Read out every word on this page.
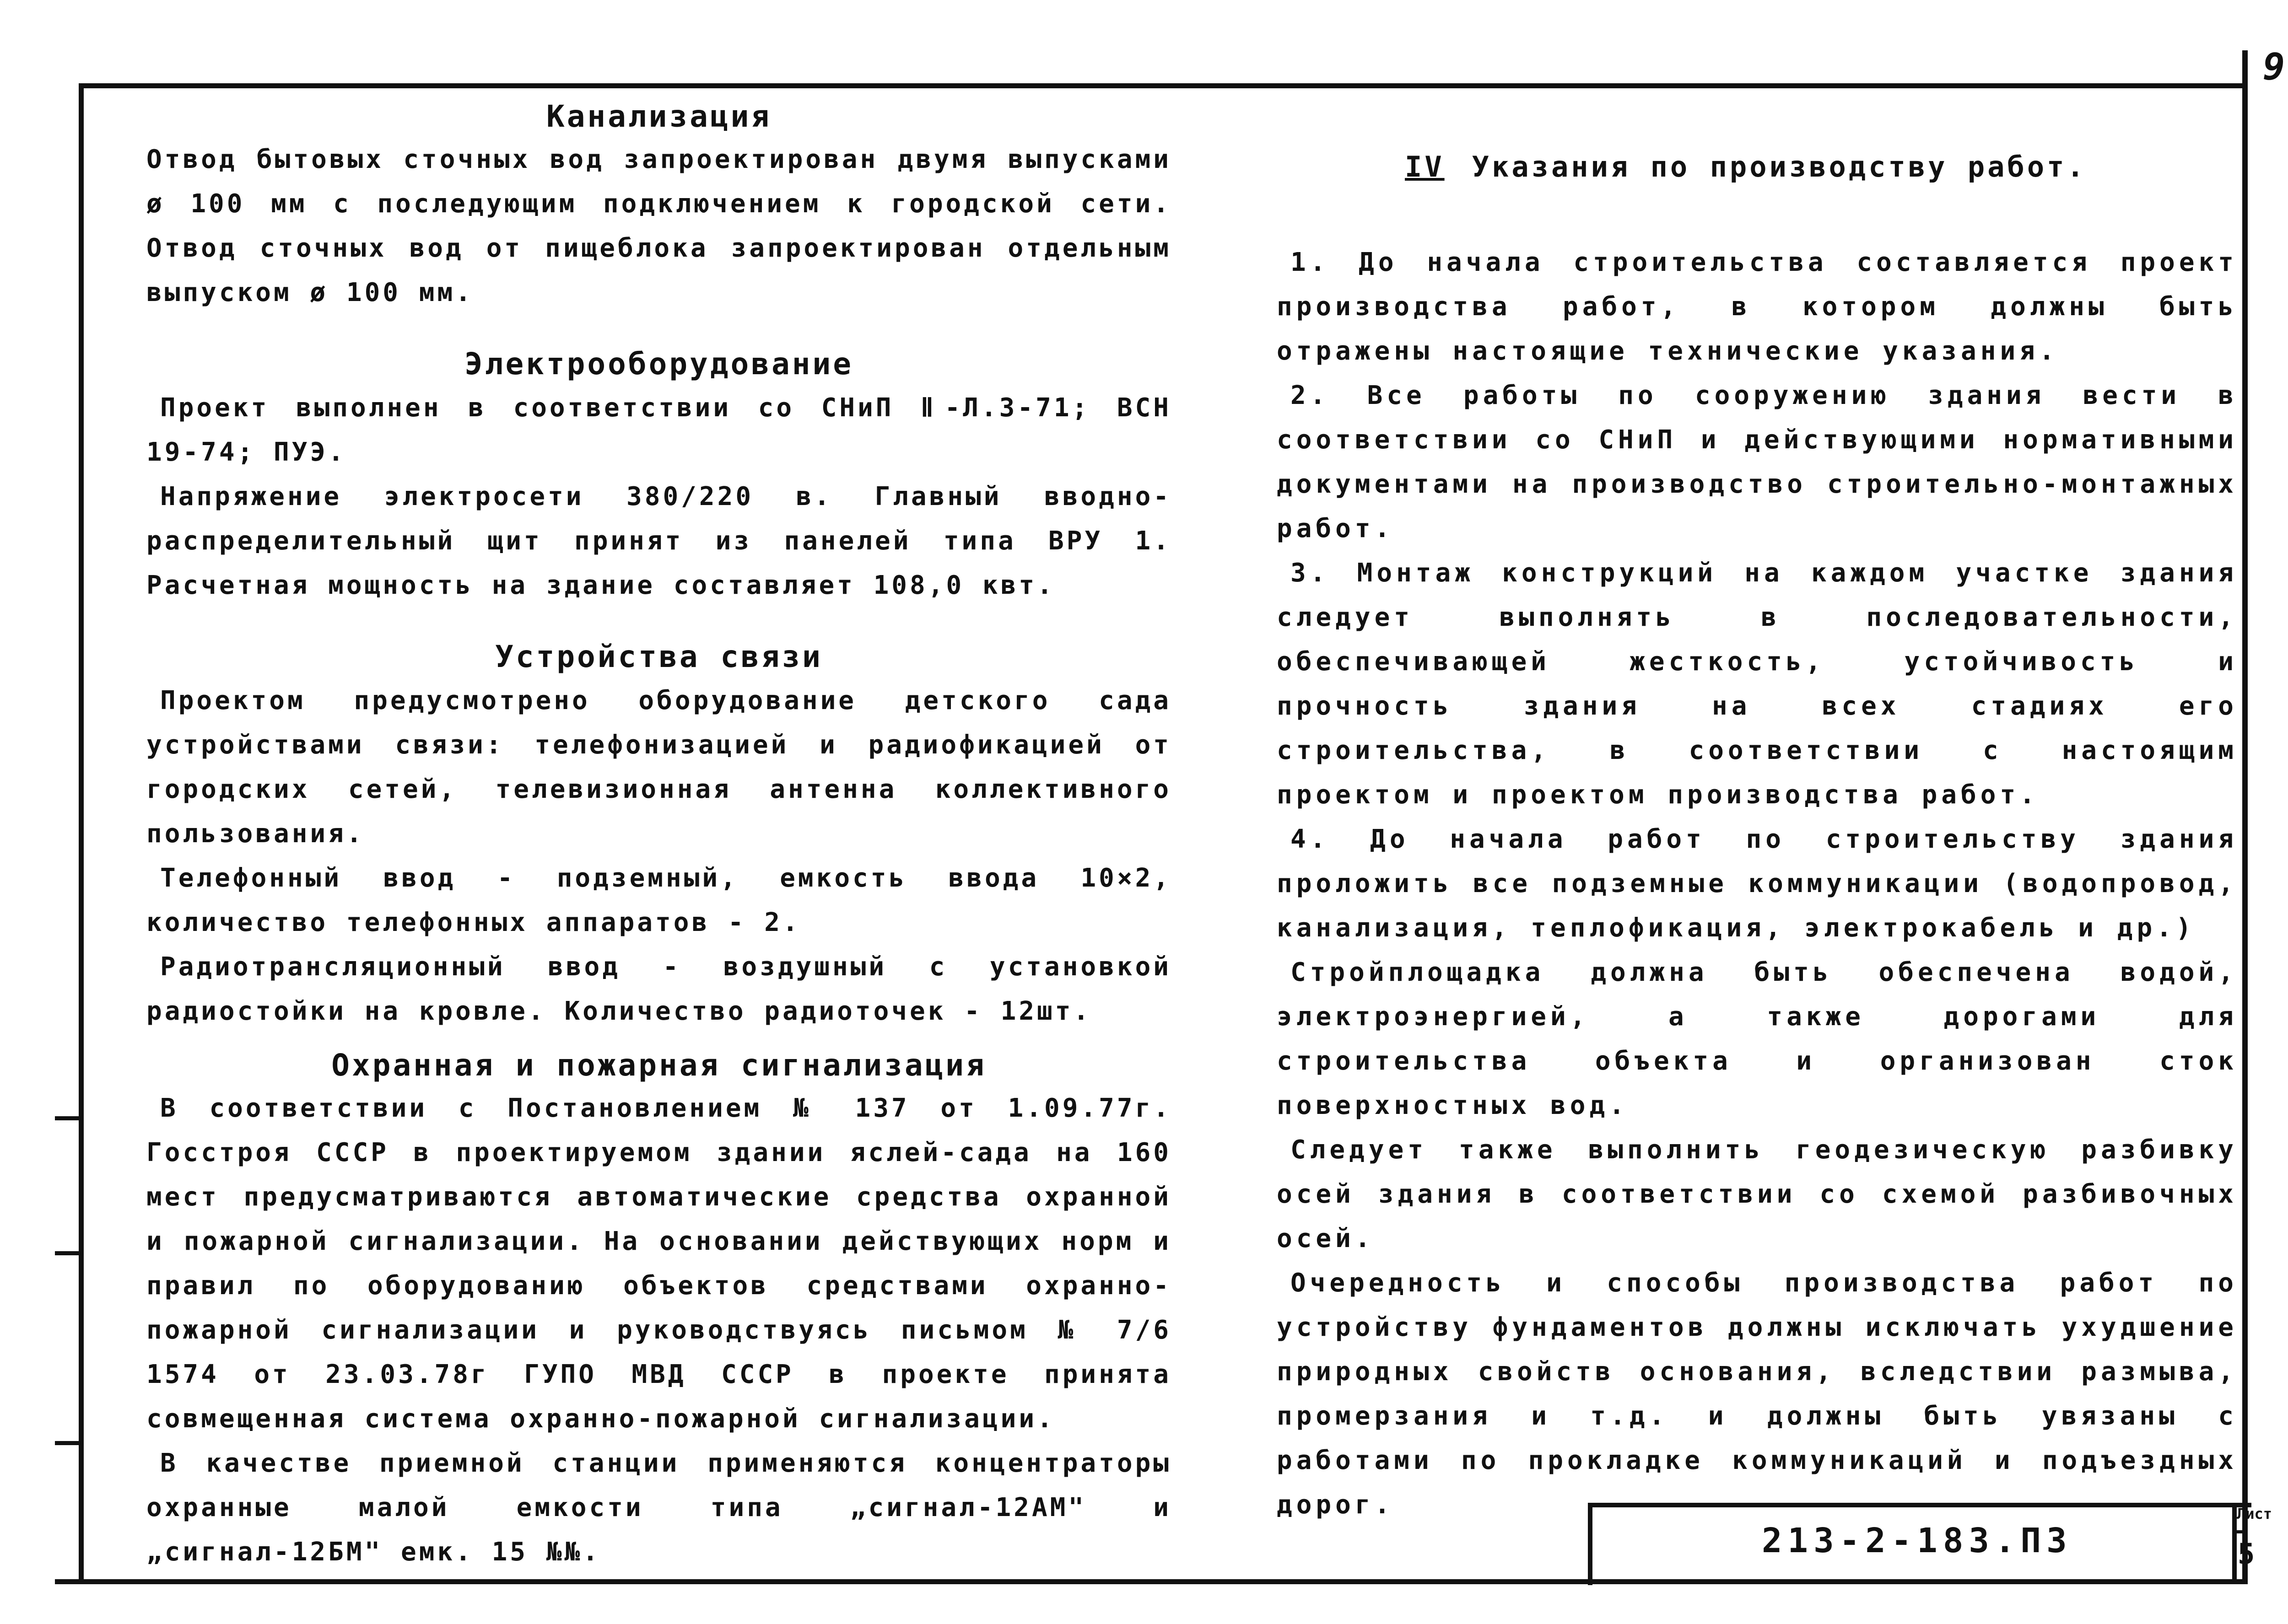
9
Канализация

Отвод бытовых сточных вод запроектирован двумя выпусками ø 100 мм с последующим подключением к городской сети. Отвод сточных вод от пищеблока запроектирован отдельным выпуском ø 100 мм.

Электрооборудование

Проект выполнен в соответствии со СНиП Ⅱ-Л.3-71; ВСН 19-74; ПУЭ.

Напряжение электросети 380/220 в. Главный вводно-распределительный щит принят из панелей типа ВРУ 1. Расчетная мощность на здание составляет 108,0 квт.

Устройства связи

Проектом предусмотрено оборудование детского сада устройствами связи: телефонизацией и радиофикацией от городских сетей, телевизионная антенна коллективного пользования.

Телефонный ввод - подземный, емкость ввода 10×2, количество телефонных аппаратов - 2.

Радиотрансляционный ввод - воздушный с установкой радиостойки на кровле. Количество радиоточек - 12шт.

Охранная и пожарная сигнализация

В соответствии с Постановлением № 137 от 1.09.77г. Госстроя СССР в проектируемом здании яслей-сада на 160 мест предусматриваются автоматические средства охранной и пожарной сигнализации. На основании действующих норм и правил по оборудованию объектов средствами охранно-пожарной сигнализации и руководствуясь письмом № 7/6 1574 от 23.03.78г ГУПО МВД СССР в проекте принята совмещенная система охранно-пожарной сигнализации.

В качестве приемной станции применяются концентраторы охранные малой емкости типа „сигнал-12АМ" и „сигнал-12БМ" емк. 15 №№.

IV Указания по производству работ.

1. До начала строительства составляется проект производства работ, в котором должны быть отражены настоящие технические указания.

2. Все работы по сооружению здания вести в соответствии со СНиП и действующими нормативными документами на производство строительно-монтажных работ.

3. Монтаж конструкций на каждом участке здания следует выполнять в последовательности, обеспечивающей жесткость, устойчивость и прочность здания на всех стадиях его строительства, в соответствии с настоящим проектом и проектом производства работ.

4. До начала работ по строительству здания проложить все подземные коммуникации (водопровод, канализация, теплофикация, электрокабель и др.)

Стройплощадка должна быть обеспечена водой, электроэнергией, а также дорогами для строительства объекта и организован сток поверхностных вод.

Следует также выполнить геодезическую разбивку осей здания в соответствии со схемой разбивочных осей.

Очередность и способы производства работ по устройству фундаментов должны исключать ухудшение природных свойств основания, вследствии размыва, промерзания и т.д. и должны быть увязаны с работами по прокладке коммуникаций и подъездных дорог.

213-2-183.ПЗ
Лист
5
